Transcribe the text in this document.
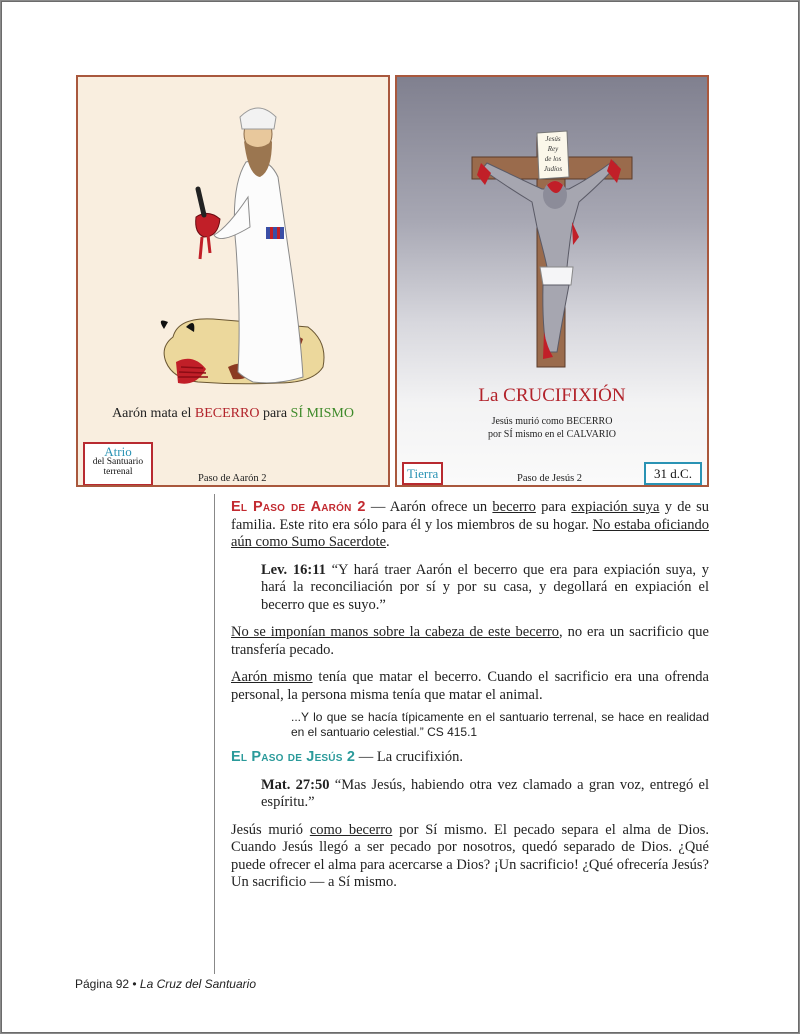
Aarón mata el BECERRO para SÍ MISMO
Atrio
del Santuario
terrenal
Paso de Aarón 2
Jesús
Rey
de los
Judíos
La CRUCIFIXIÓN
Jesús murió como BECERRO
por SÍ mismo en el CALVARIO
Tierra	Paso de Jesús 2	31 d.C.

El Paso de Aarón 2 — Aarón ofrece un becerro para expiación suya y de su familia. Este rito era sólo para él y los miembros de su hogar. No estaba oficiando aún como Sumo Sacerdote.

Lev. 16:11 “Y hará traer Aarón el becerro que era para expiación suya, y hará la reconciliación por sí y por su casa, y degollará en expiación el becerro que es suyo.”

No se imponían manos sobre la cabeza de este becerro, no era un sacrificio que transfería pecado.

Aarón mismo tenía que matar el becerro. Cuando el sacrificio era una ofrenda personal, la persona misma tenía que matar el animal.

...Y lo que se hacía típicamente en el santuario terrenal, se hace en realidad en el santuario celestial.” CS 415.1

El Paso de Jesús 2 — La crucifixión.

Mat. 27:50 “Mas Jesús, habiendo otra vez clamado a gran voz, entregó el espíritu.”

Jesús murió como becerro por Sí mismo. El pecado separa el alma de Dios. Cuando Jesús llegó a ser pecado por nosotros, quedó separado de Dios. ¿Qué puede ofrecer el alma para acercarse a Dios? ¡Un sacrificio! ¿Qué ofrecería Jesús? Un sacrificio — a Sí mismo.

Página 92 • La Cruz del Santuario
